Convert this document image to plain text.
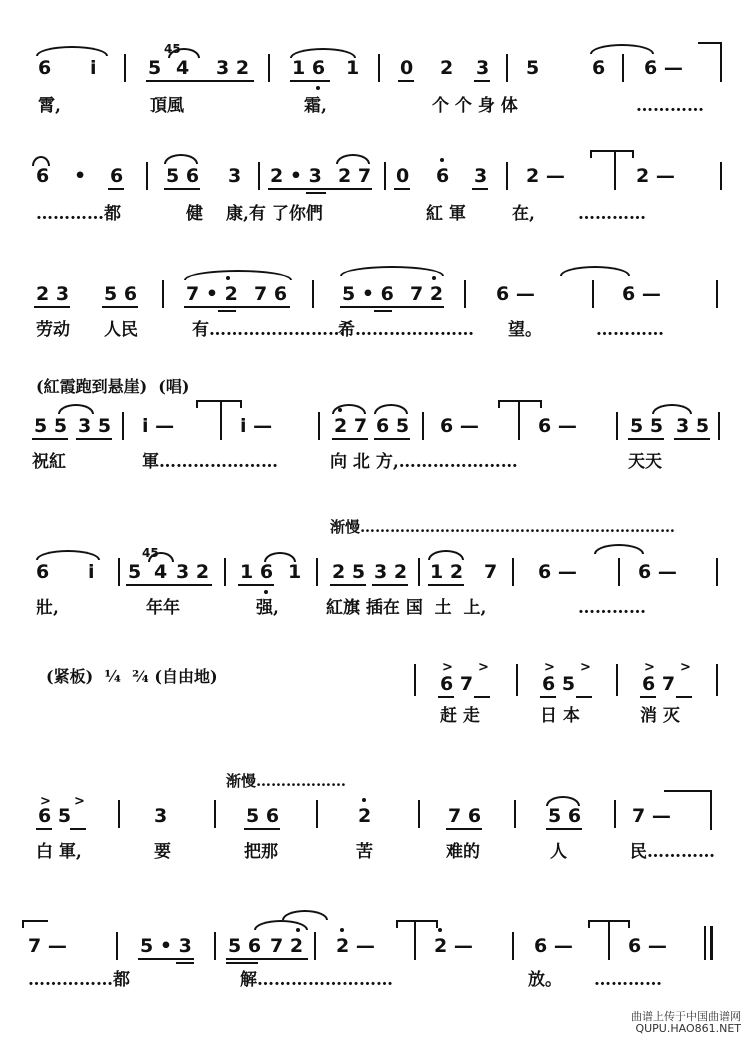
6 i
45
5 4 3 2 1 6 1 0 2 3 5	6 6 —
霄,	頂風	霜,	个 个 身 体	…………
6 • 6 5 6 3 2 • 3 2 7 0 6 3 2 —	2 —
…………都	健 康,有 了你們	紅 軍	在,	…………
2 3 5 6	7 • 2 7 6	5 • 6 7 2	6 —	6 —
劳动 人民	有……………………
希………………… 望。	…………
(紅霞跑到悬崖)  (唱)
5 5 3 5 i —	i —	2 7 6 5 6 —	6 —	5 5 3 5
祝紅	軍…………………	向 北 方,…………………	天天
渐慢………………………………………………………
6 i
45
5 4 3 2 1 6 1 2 5 3 2 1 2 7 6 —	6 —
壯,	年年	强,	紅旗 插在 国  土  上,	…………
(紧板)  ¼  ²⁄₄ (自由地)	> >
6 7
> >
6 5
> >
6 7
赶 走	日 本	消 灭
渐慢………………
> >
6 5	3	5 6	2	7 6	5 6	7 —
白 軍,	要	把那	苦	难的	人	民…………
7 —	5 • 3 5 6 7 2 2 —	2 —	6 —	6 —
……………都	解……………………	放。 …………
曲谱上传于中国曲谱网
QUPU.HAO861.NET
